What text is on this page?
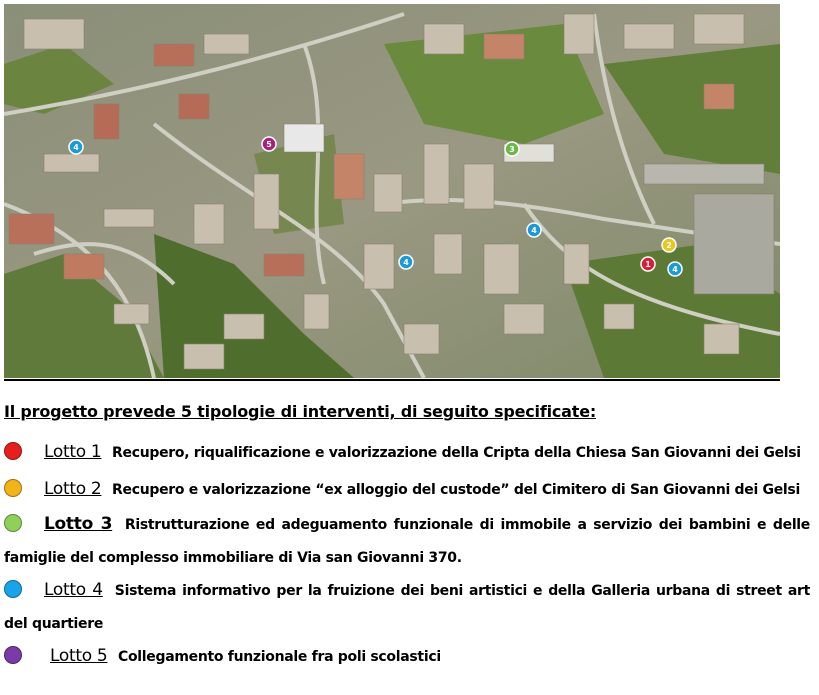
1
2
3
4
4
4
4
5
Il progetto prevede 5 tipologie di interventi, di seguito specificate:
Lotto 1 Recupero, riqualificazione e valorizzazione della Cripta della Chiesa San Giovanni dei Gelsi
Lotto 2 Recupero e valorizzazione “ex alloggio del custode” del Cimitero di San Giovanni dei Gelsi
Lotto 3 Ristrutturazione ed adeguamento funzionale di immobile a servizio dei bambini e delle famiglie del complesso immobiliare di Via san Giovanni 370.
Lotto 4 Sistema informativo per la fruizione dei beni artistici e della Galleria urbana di street art del quartiere
Lotto 5 Collegamento funzionale fra poli scolastici
